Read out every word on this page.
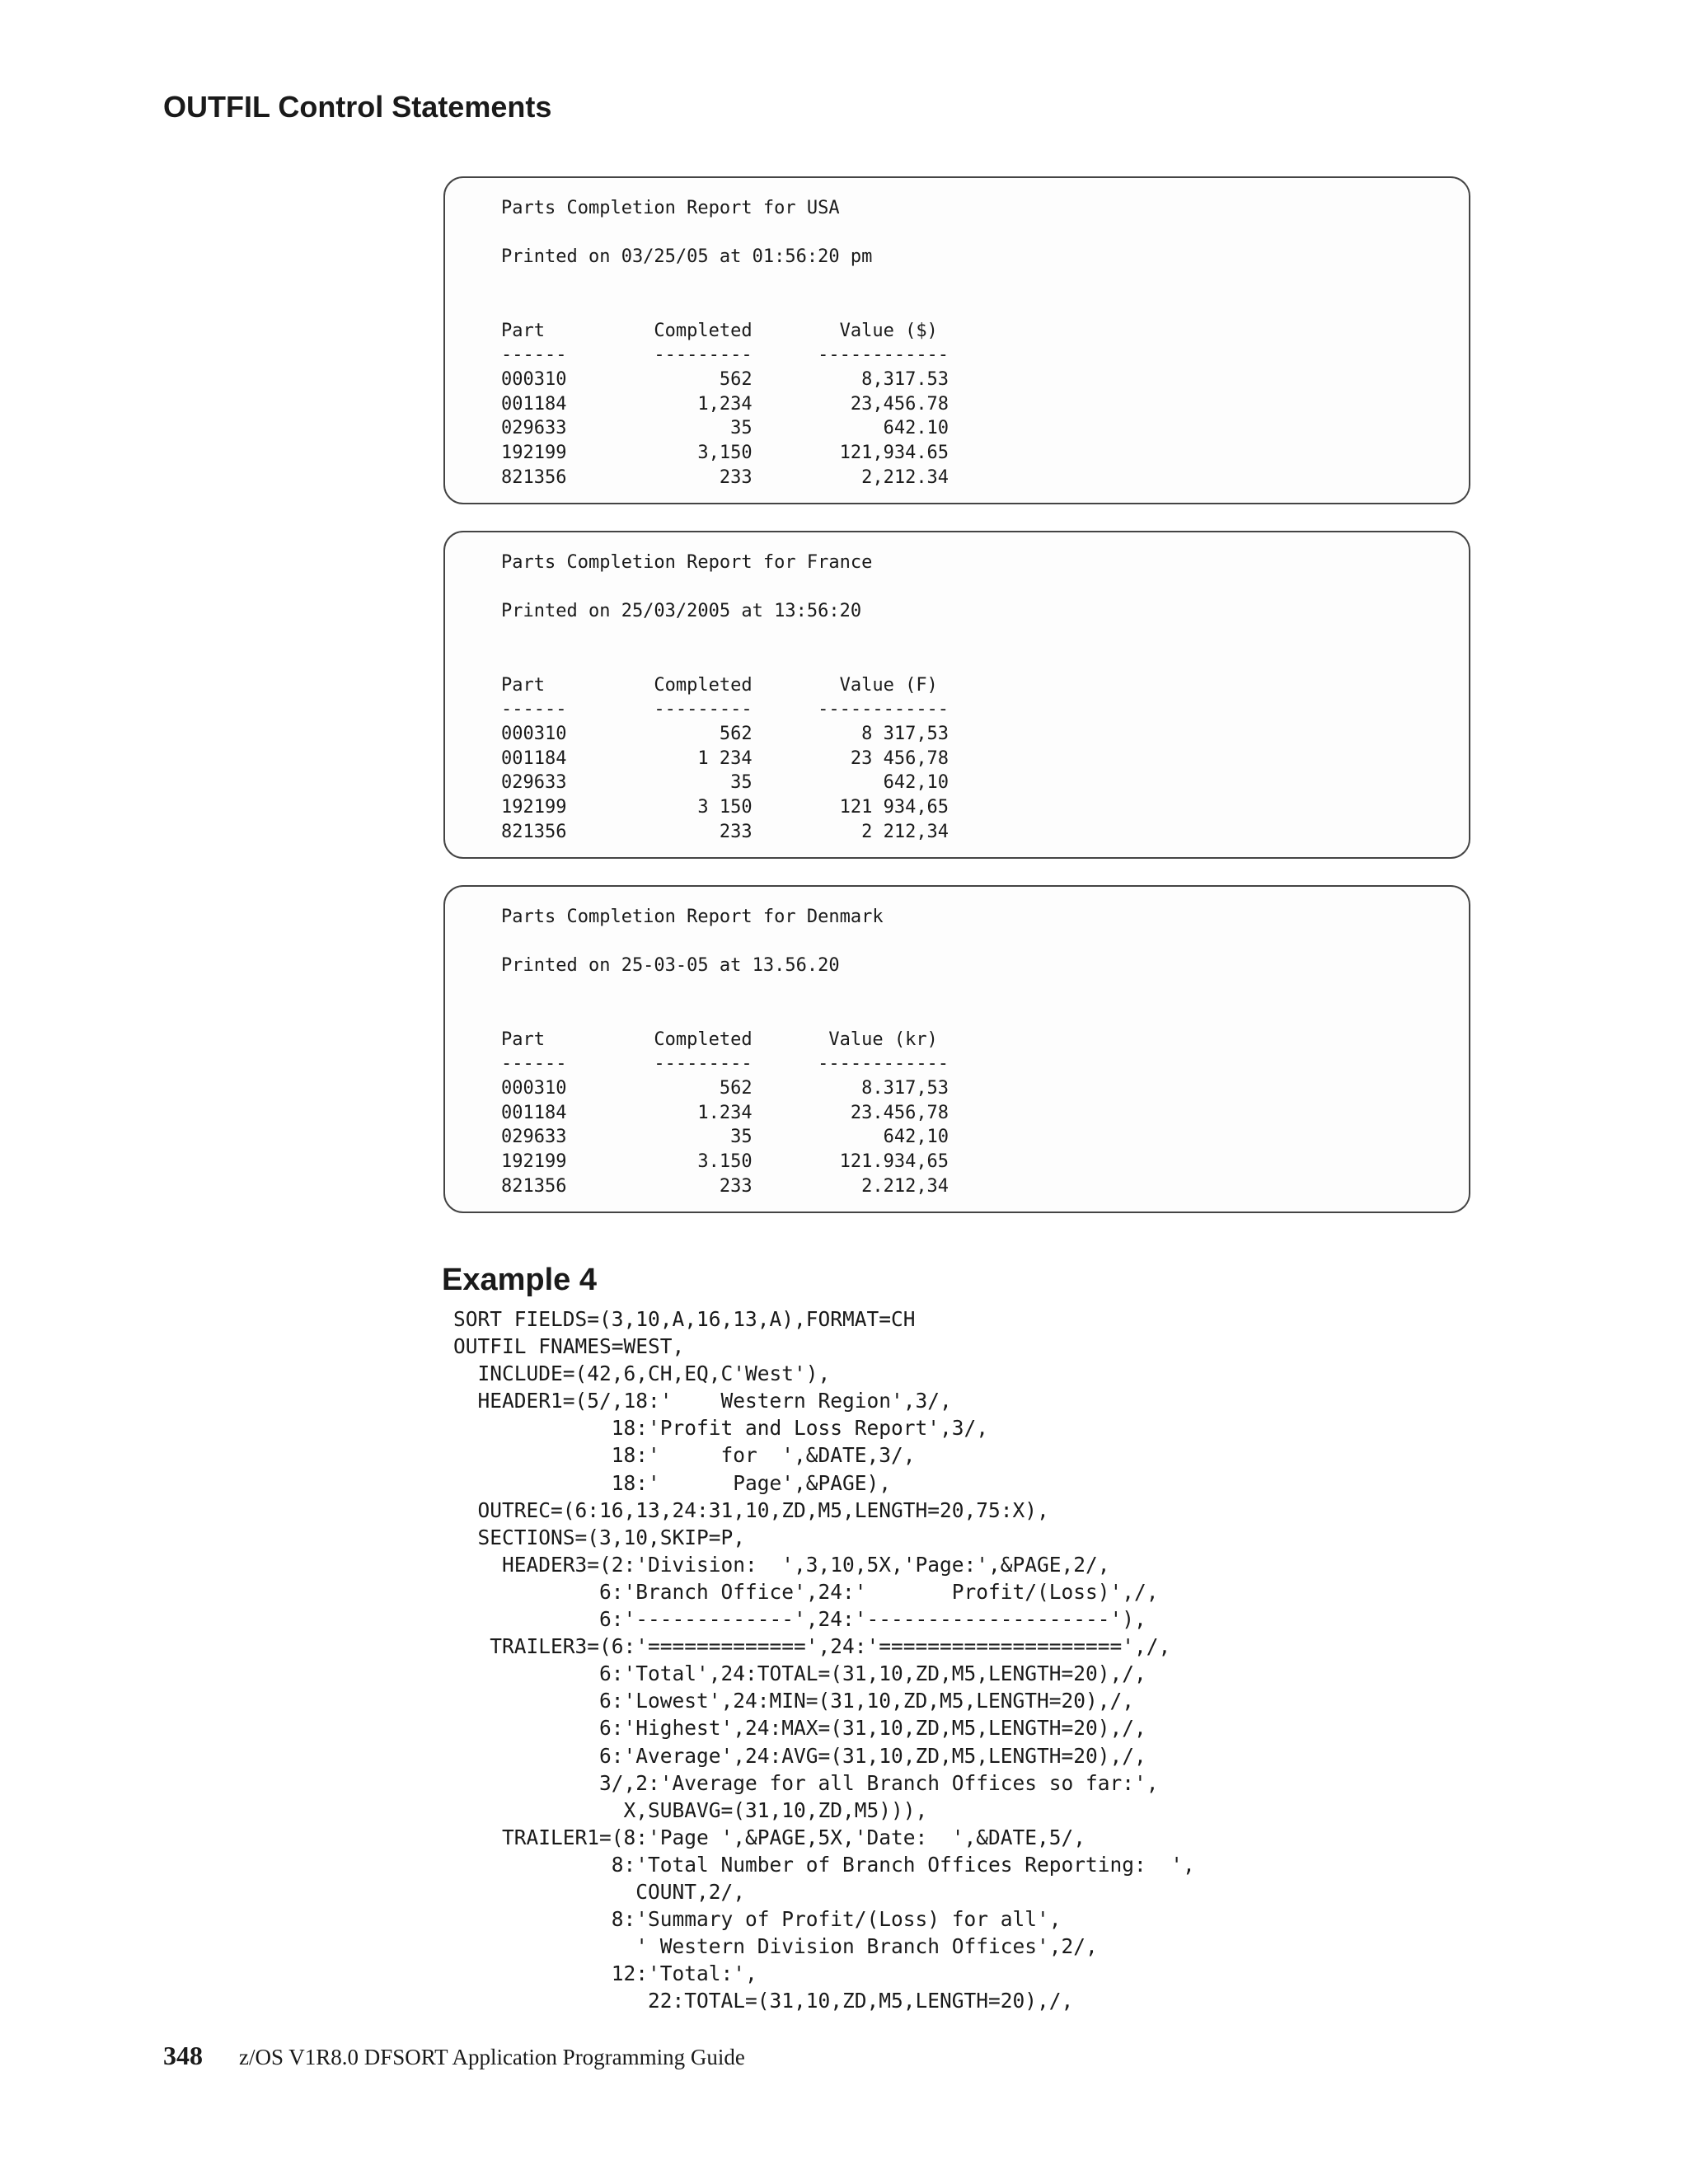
OUTFIL Control Statements
Parts Completion Report for USA

Printed on 03/25/05 at 01:56:20 pm

Part          Completed        Value ($)
------        ---------      ------------
000310              562          8,317.53
001184            1,234         23,456.78
029633               35            642.10
192199            3,150        121,934.65
821356              233          2,212.34
Parts Completion Report for France

Printed on 25/03/2005 at 13:56:20

Part          Completed        Value (F)
------        ---------      ------------
000310              562          8 317,53
001184            1 234         23 456,78
029633               35            642,10
192199            3 150        121 934,65
821356              233          2 212,34
Parts Completion Report for Denmark

Printed on 25-03-05 at 13.56.20

Part          Completed       Value (kr)
------        ---------      ------------
000310              562          8.317,53
001184            1.234         23.456,78
029633               35            642,10
192199            3.150        121.934,65
821356              233          2.212,34
Example 4
SORT FIELDS=(3,10,A,16,13,A),FORMAT=CH
OUTFIL FNAMES=WEST,
INCLUDE=(42,6,CH,EQ,C'West'),
HEADER1=(5/,18:'    Western Region',3/,
18:'Profit and Loss Report',3/,
18:'     for  ',&DATE,3/,
18:'      Page',&PAGE),
OUTREC=(6:16,13,24:31,10,ZD,M5,LENGTH=20,75:X),
SECTIONS=(3,10,SKIP=P,
HEADER3=(2:'Division:  ',3,10,5X,'Page:',&PAGE,2/,
6:'Branch Office',24:'       Profit/(Loss)',/,
6:'-------------',24:'--------------------'),
TRAILER3=(6:'=============',24:'====================',/,
6:'Total',24:TOTAL=(31,10,ZD,M5,LENGTH=20),/,
6:'Lowest',24:MIN=(31,10,ZD,M5,LENGTH=20),/,
6:'Highest',24:MAX=(31,10,ZD,M5,LENGTH=20),/,
6:'Average',24:AVG=(31,10,ZD,M5,LENGTH=20),/,
3/,2:'Average for all Branch Offices so far:',
X,SUBAVG=(31,10,ZD,M5))),
TRAILER1=(8:'Page ',&PAGE,5X,'Date:  ',&DATE,5/,
8:'Total Number of Branch Offices Reporting:  ',
COUNT,2/,
8:'Summary of Profit/(Loss) for all',
' Western Division Branch Offices',2/,
12:'Total:',
22:TOTAL=(31,10,ZD,M5,LENGTH=20),/,
348 z/OS V1R8.0 DFSORT Application Programming Guide
